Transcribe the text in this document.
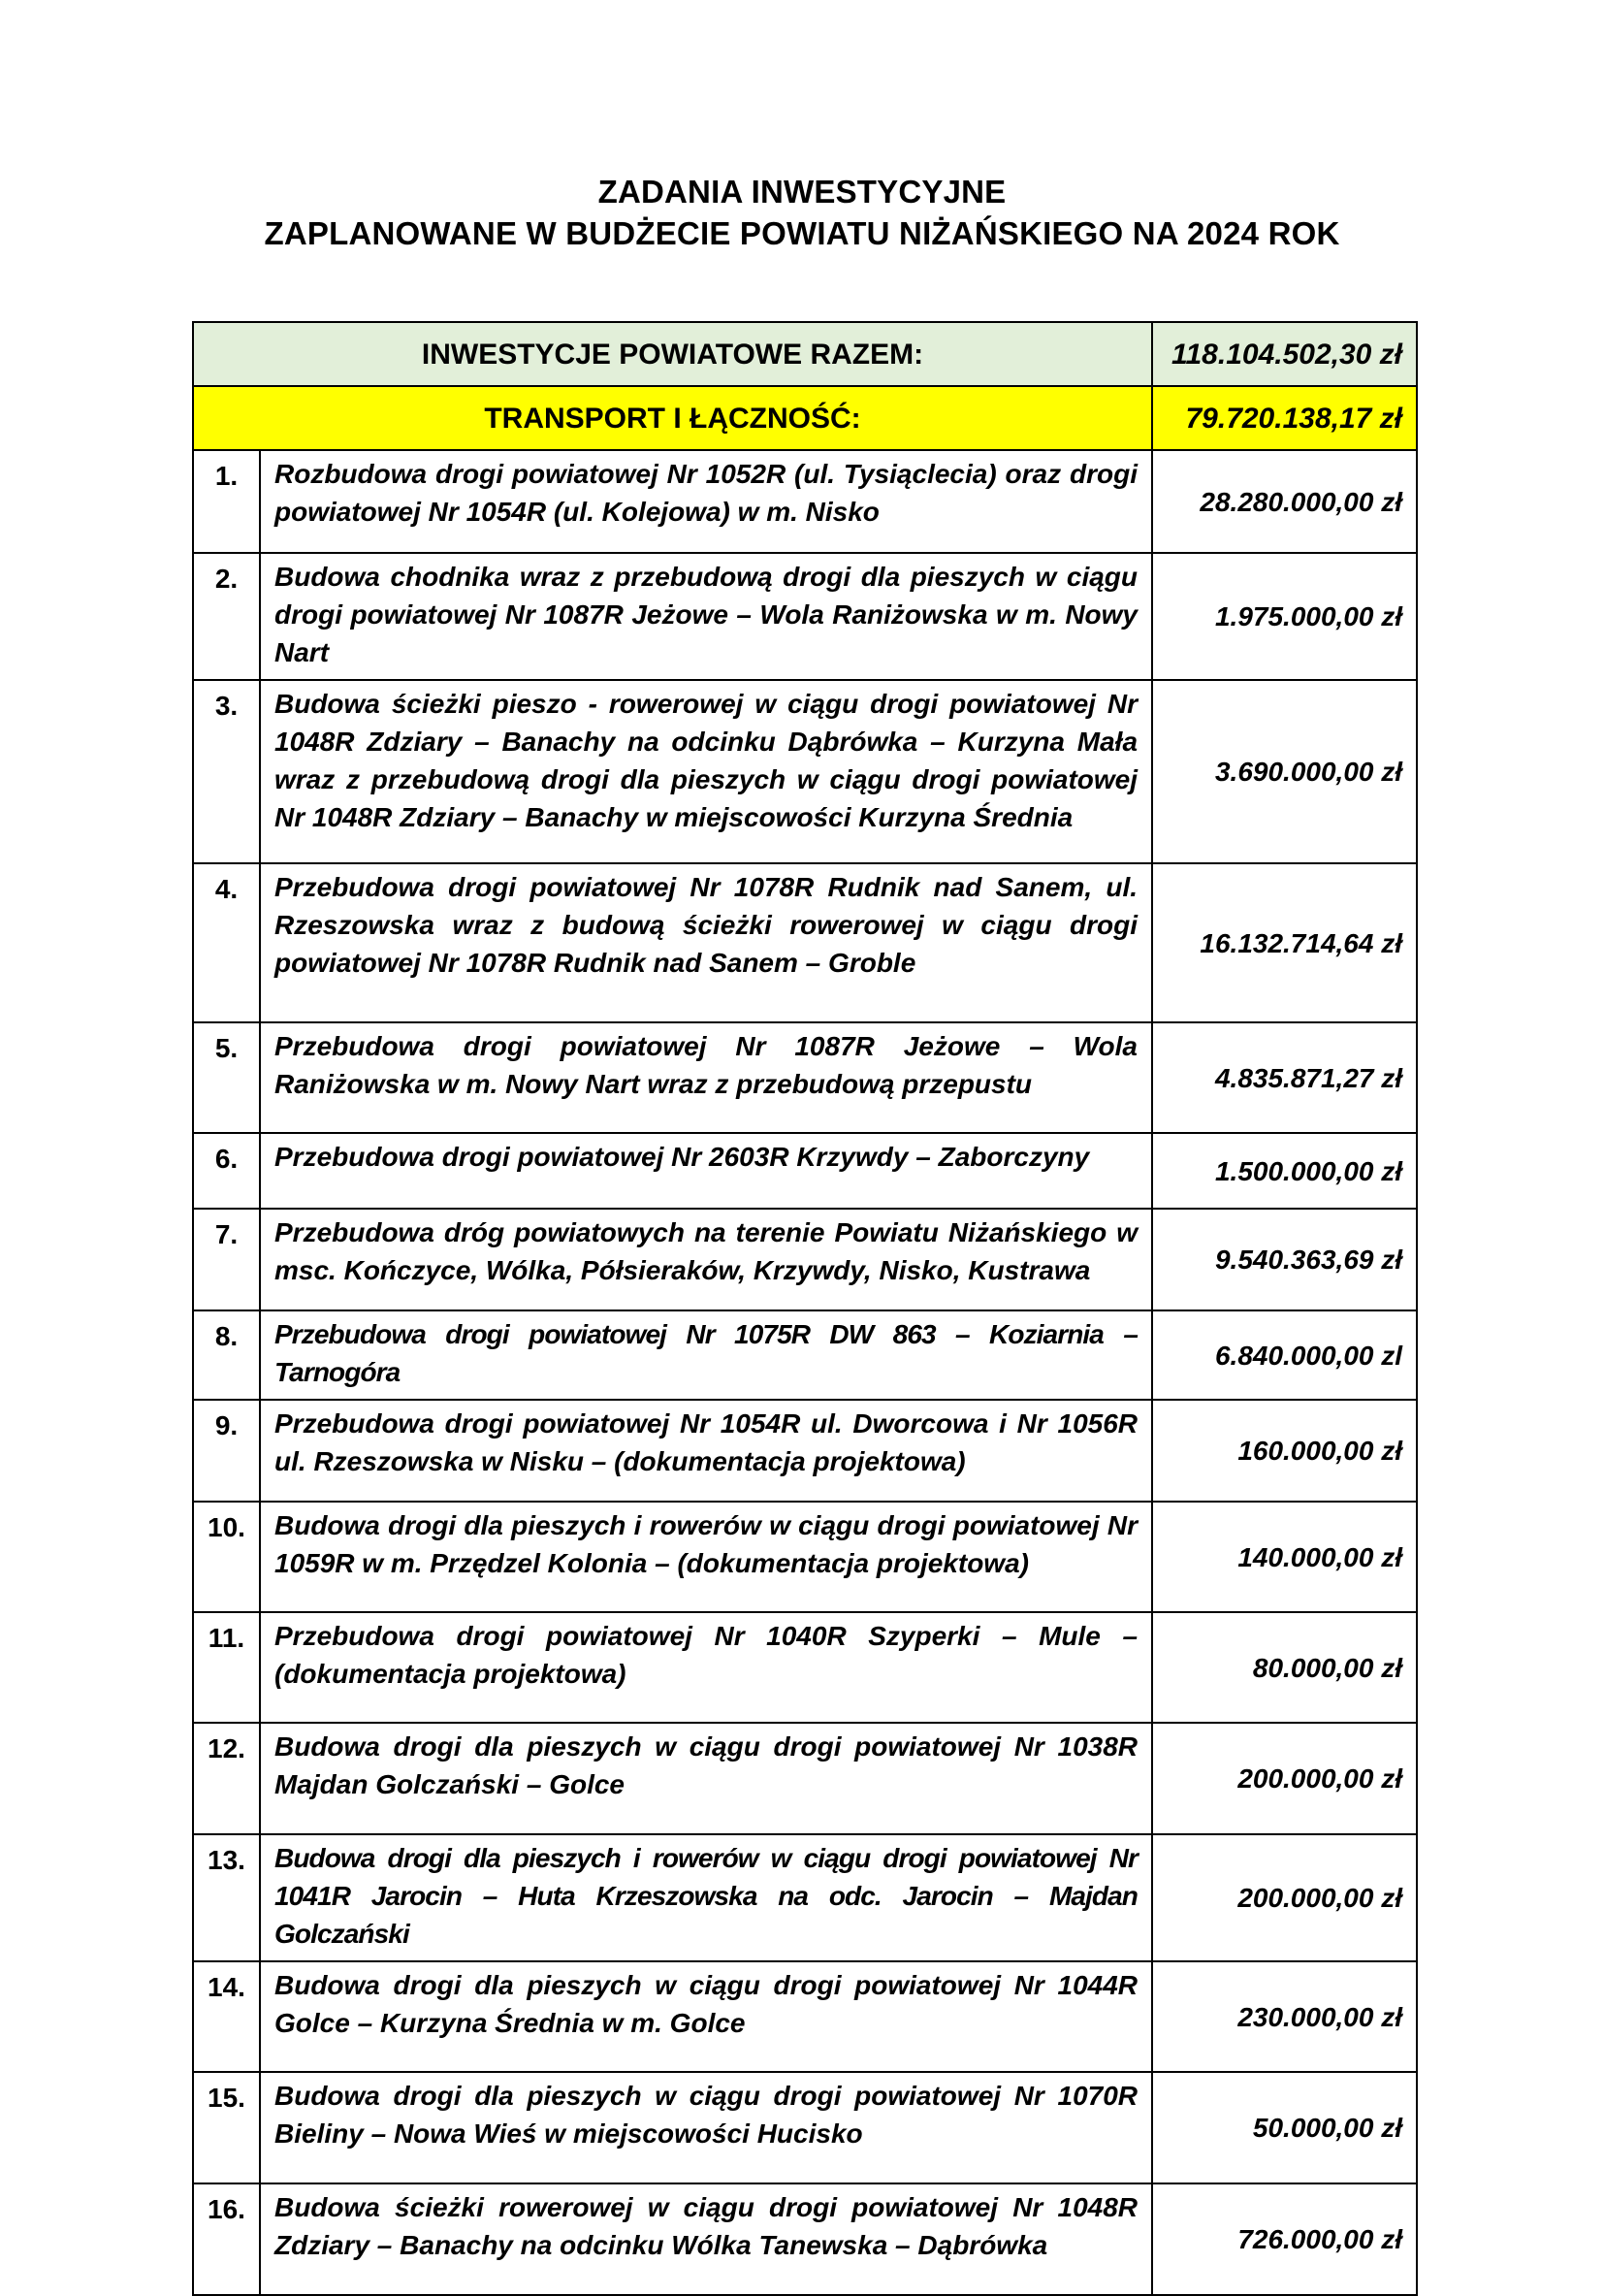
ZADANIA INWESTYCYJNE
ZAPLANOWANE W BUDŻECIE POWIATU NIŻAŃSKIEGO NA 2024 ROK
INWESTYCJE POWIATOWE RAZEM:		118.104.502,30 zł
TRANSPORT I ŁĄCZNOŚĆ:		79.720.138,17 zł
1.	Rozbudowa drogi powiatowej Nr 1052R (ul. Tysiąclecia) oraz drogi powiatowej Nr 1054R (ul. Kolejowa) w m. Nisko	28.280.000,00 zł
2.	Budowa chodnika wraz z przebudową drogi dla pieszych w ciągu drogi powiatowej Nr 1087R Jeżowe – Wola Raniżowska w m. Nowy Nart	1.975.000,00 zł
3.	Budowa ścieżki pieszo - rowerowej w ciągu drogi powiatowej Nr 1048R Zdziary – Banachy na odcinku Dąbrówka – Kurzyna Mała wraz z przebudową drogi dla pieszych w ciągu drogi powiatowej Nr 1048R Zdziary – Banachy w miejscowości Kurzyna Średnia	3.690.000,00 zł
4.	Przebudowa drogi powiatowej Nr 1078R Rudnik nad Sanem, ul. Rzeszowska wraz z budową ścieżki rowerowej w ciągu drogi powiatowej Nr 1078R Rudnik nad Sanem – Groble	16.132.714,64 zł
5.	Przebudowa drogi powiatowej Nr 1087R Jeżowe – Wola Raniżowska w m. Nowy Nart wraz z przebudową przepustu	4.835.871,27 zł
6.	Przebudowa drogi powiatowej Nr 2603R Krzywdy – Zaborczyny	1.500.000,00 zł
7.	Przebudowa dróg powiatowych na terenie Powiatu Niżańskiego w msc. Kończyce, Wólka, Półsieraków, Krzywdy, Nisko, Kustrawa	9.540.363,69 zł
8.	Przebudowa drogi powiatowej Nr 1075R DW 863 – Koziarnia – Tarnogóra	6.840.000,00 zl
9.	Przebudowa drogi powiatowej Nr 1054R ul. Dworcowa i Nr 1056R ul. Rzeszowska w Nisku – (dokumentacja projektowa)	160.000,00 zł
10.	Budowa drogi dla pieszych i rowerów w ciągu drogi powiatowej Nr 1059R w m. Przędzel Kolonia – (dokumentacja projektowa)	140.000,00 zł
11.	Przebudowa drogi powiatowej Nr 1040R Szyperki – Mule – (dokumentacja projektowa)	80.000,00 zł
12.	Budowa drogi dla pieszych w ciągu drogi powiatowej Nr 1038R Majdan Golczański – Golce	200.000,00 zł
13.	Budowa drogi dla pieszych i rowerów w ciągu drogi powiatowej Nr 1041R Jarocin – Huta Krzeszowska na odc. Jarocin – Majdan Golczański	200.000,00 zł
14.	Budowa drogi dla pieszych w ciągu drogi powiatowej Nr 1044R Golce – Kurzyna Średnia w m. Golce	230.000,00 zł
15.	Budowa drogi dla pieszych w ciągu drogi powiatowej Nr 1070R Bieliny – Nowa Wieś w miejscowości Hucisko	50.000,00 zł
16.	Budowa ścieżki rowerowej w ciągu drogi powiatowej Nr 1048R Zdziary – Banachy na odcinku Wólka Tanewska – Dąbrówka	726.000,00 zł
